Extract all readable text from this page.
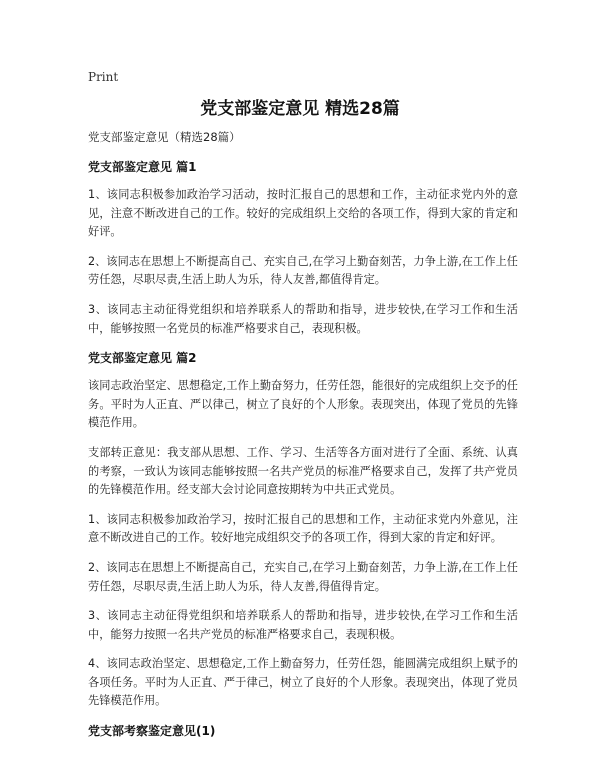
Print
党支部鉴定意见 精选28篇
党支部鉴定意见（精选28篇）
党支部鉴定意见 篇1

1、该同志积极参加政治学习活动，按时汇报自己的思想和工作，主动征求党内外的意见，注意不断改进自己的工作。较好的完成组织上交给的各项工作，得到大家的肯定和好评。

2、该同志在思想上不断提高自己、充实自己,在学习上勤奋刻苦，力争上游,在工作上任劳任怨，尽职尽责,生活上助人为乐，待人友善,都值得肯定。

3、该同志主动征得党组织和培养联系人的帮助和指导，进步较快,在学习工作和生活中，能够按照一名党员的标准严格要求自己，表现积极。

党支部鉴定意见 篇2

该同志政治坚定、思想稳定,工作上勤奋努力，任劳任怨，能很好的完成组织上交予的任务。平时为人正直、严以律己，树立了良好的个人形象。表现突出，体现了党员的先锋模范作用。

支部转正意见：我支部从思想、工作、学习、生活等各方面对进行了全面、系统、认真的考察，一致认为该同志能够按照一名共产党员的标准严格要求自己，发挥了共产党员的先锋模范作用。经支部大会讨论同意按期转为中共正式党员。

1、该同志积极参加政治学习，按时汇报自己的思想和工作，主动征求党内外意见，注意不断改进自己的工作。较好地完成组织交予的各项工作，得到大家的肯定和好评。

2、该同志在思想上不断提高自己，充实自己,在学习上勤奋刻苦，力争上游,在工作上任劳任怨，尽职尽责,生活上助人为乐，待人友善,得值得肯定。

3、该同志主动征得党组织和培养联系人的帮助和指导，进步较快,在学习工作和生活中，能努力按照一名共产党员的标准严格要求自己，表现积极。

4、该同志政治坚定、思想稳定,工作上勤奋努力，任劳任怨，能圆满完成组织上赋予的各项任务。平时为人正直、严于律己，树立了良好的个人形象。表现突出，体现了党员先锋模范作用。

党支部考察鉴定意见(1)
